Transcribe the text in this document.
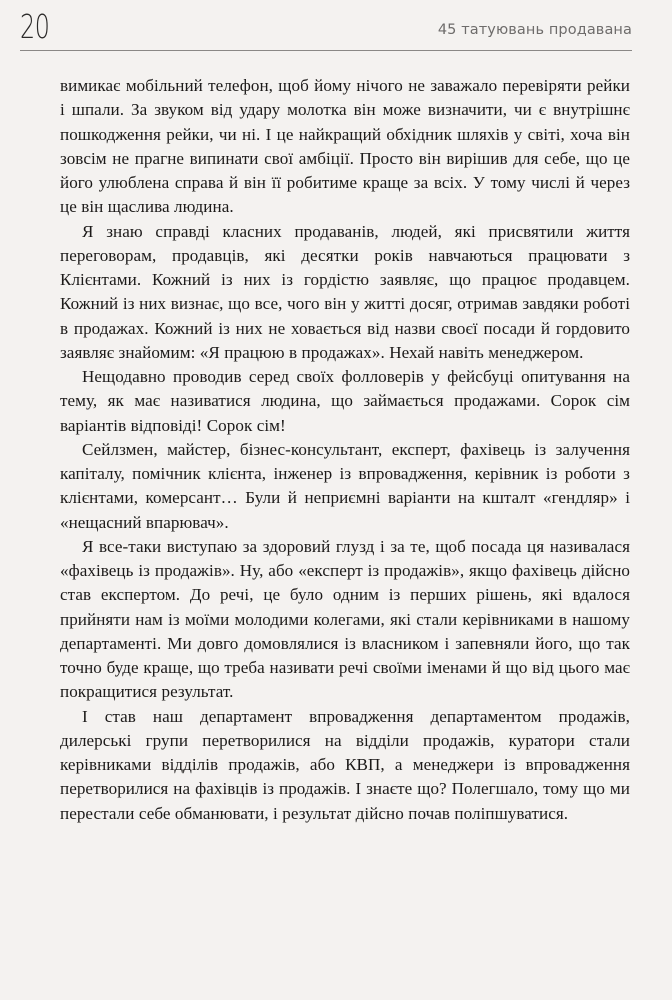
20	45 татуювань продавана

вимикає мобільний телефон, щоб йому нічого не заважало перевіряти рейки і шпали. За звуком від удару молотка він може визначити, чи є внутрішнє пошкодження рейки, чи ні. І це найкращий обхідник шляхів у світі, хоча він зовсім не прагне випинати свої амбіції. Просто він вирішив для себе, що це його улюблена справа й він її робитиме краще за всіх. У тому числі й через це він щаслива людина.

Я знаю справді класних продаванів, людей, які присвятили життя переговорам, продавців, які десятки років навчаються працювати з Клієнтами. Кожний із них із гордістю заявляє, що працює продавцем. Кожний із них визнає, що все, чого він у житті досяг, отримав завдяки роботі в продажах. Кожний із них не ховається від назви своєї посади й гордовито заявляє знайомим: «Я працюю в продажах». Нехай навіть менеджером.

Нещодавно проводив серед своїх фолловерів у фейсбуці опитування на тему, як має називатися людина, що займається продажами. Сорок сім варіантів відповіді! Сорок сім!

Сейлзмен, майстер, бізнес-консультант, експерт, фахівець із залучення капіталу, помічник клієнта, інженер із впровадження, керівник із роботи з клієнтами, комерсант… Були й неприємні варіанти на кшталт «гендляр» і «нещасний впарювач».

Я все-таки виступаю за здоровий глузд і за те, щоб посада ця називалася «фахівець із продажів». Ну, або «експерт із продажів», якщо фахівець дійсно став експертом. До речі, це було одним із перших рішень, які вдалося прийняти нам із моїми молодими колегами, які стали керівниками в нашому департаменті. Ми довго домовлялися із власником і запевняли його, що так точно буде краще, що треба називати речі своїми іменами й що від цього має покращитися результат.

І став наш департамент впровадження департаментом продажів, дилерські групи перетворилися на відділи продажів, куратори стали керівниками відділів продажів, або КВП, а менеджери із впровадження перетворилися на фахівців із продажів. І знаєте що? Полегшало, тому що ми перестали себе обманювати, і результат дійсно почав поліпшуватися.
